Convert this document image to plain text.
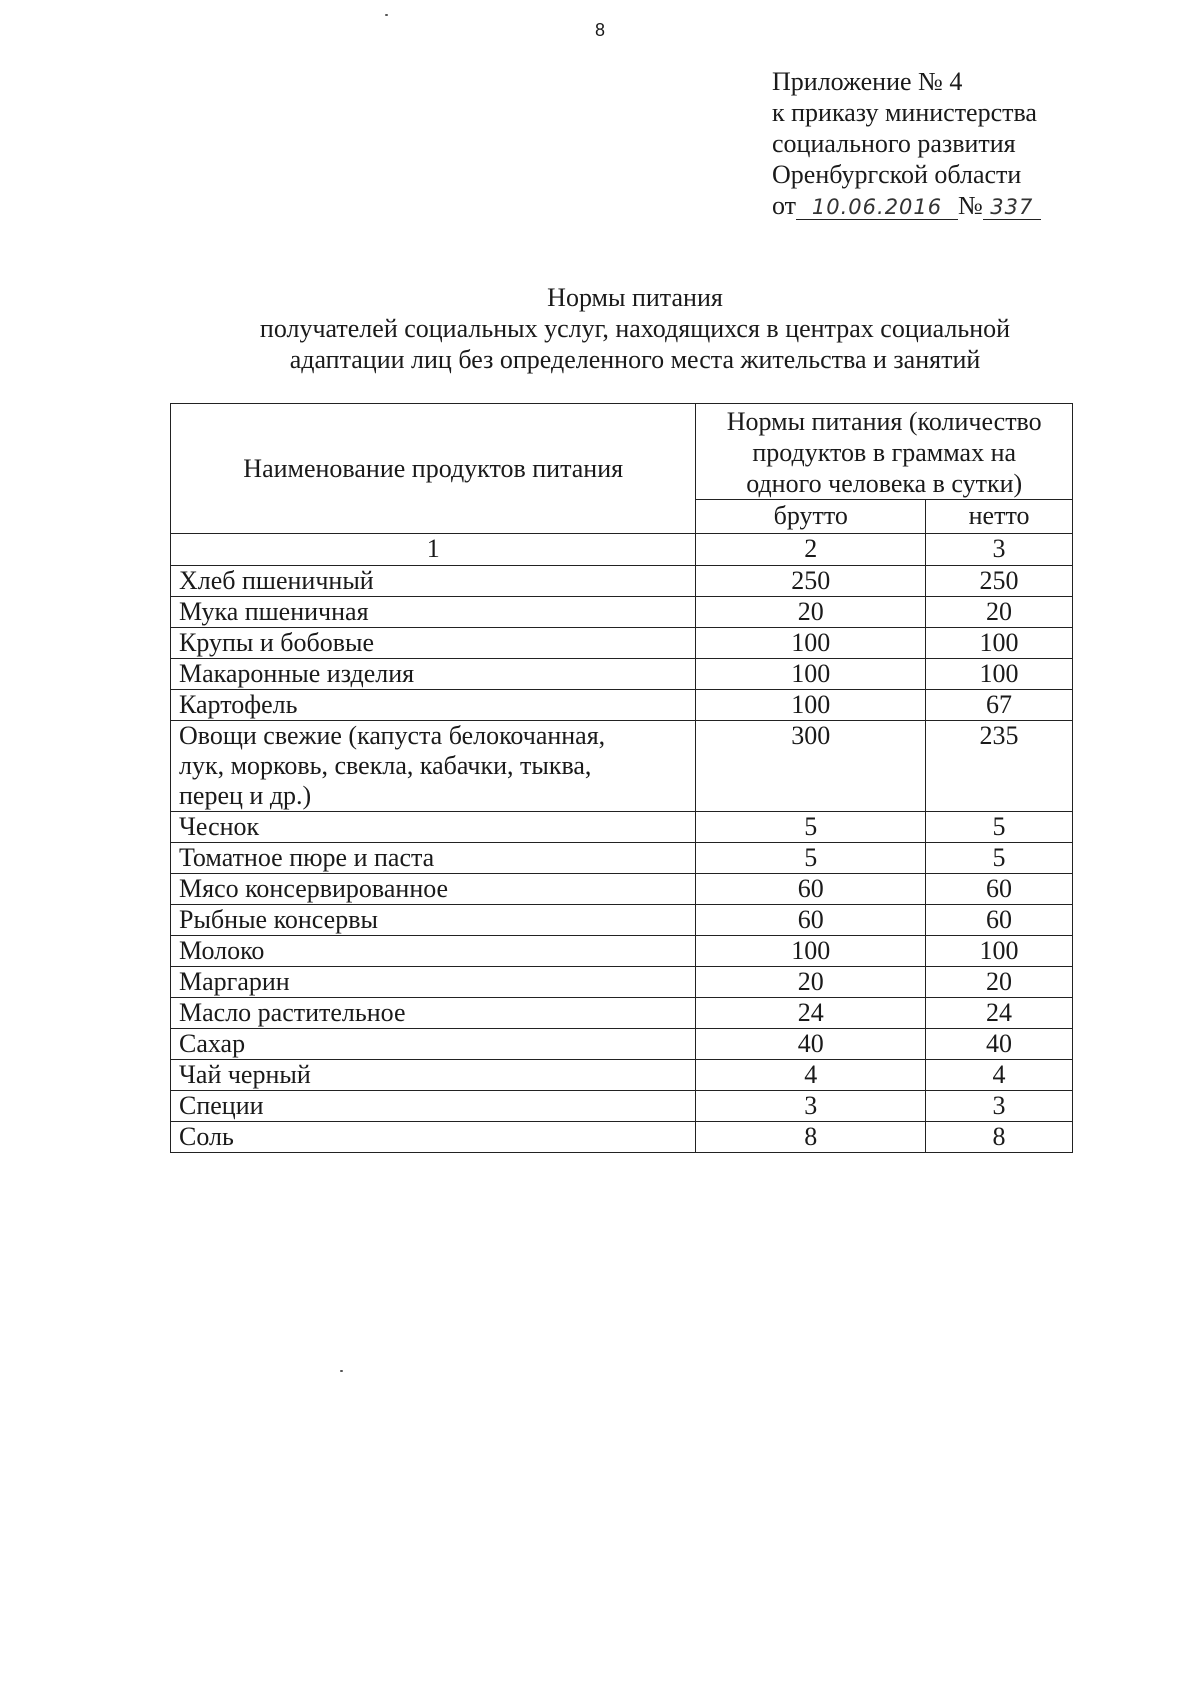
8
Приложение № 4
к приказу министерства
социального развития
Оренбургской области
от 10.06.2016 № 337
Нормы питания
получателей социальных услуг, находящихся в центрах социальной
адаптации лиц без определенного места жительства и занятий
Наименование продуктов питания	Нормы питания (количество
продуктов в граммах на
одного человека в сутки)	

	брутто	нетто
1	2	3
Хлеб пшеничный	250	250
Мука пшеничная	20	20
Крупы и бобовые	100	100
Макаронные изделия	100	100
Картофель	100	67

Овощи свежие (капуста белокочанная,
лук, морковь, свекла, кабачки, тыква,
перец и др.)	300	235
Чеснок	5	5
Томатное пюре и паста	5	5
Мясо консервированное	60	60
Рыбные консервы	60	60
Молоко	100	100
Маргарин	20	20
Масло растительное	24	24
Сахар	40	40
Чай черный	4	4
Специи	3	3
Соль	8	8
